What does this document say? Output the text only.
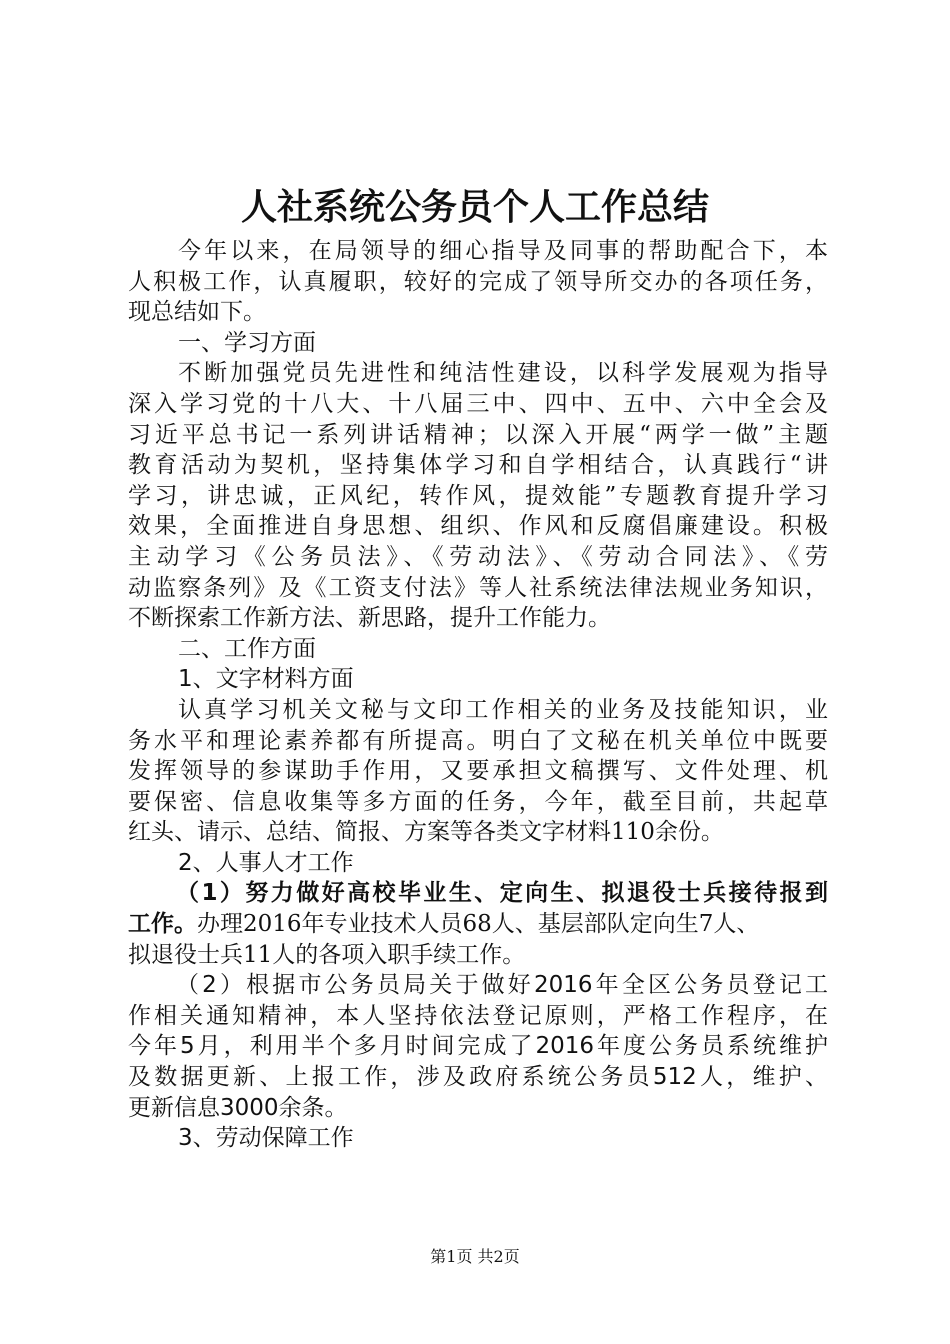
人社系统公务员个人工作总结
今年以来，在局领导的细心指导及同事的帮助配合下，本
人积极工作，认真履职，较好的完成了领导所交办的各项任务，
现总结如下。
一、学习方面
不断加强党员先进性和纯洁性建设，以科学发展观为指导
深入学习党的十八大、十八届三中、四中、五中、六中全会及
习近平总书记一系列讲话精神；以深入开展“两学一做”主题
教育活动为契机，坚持集体学习和自学相结合，认真践行“讲
学习，讲忠诚，正风纪，转作风，提效能”专题教育提升学习
效果，全面推进自身思想、组织、作风和反腐倡廉建设。积极
主动学习《公务员法》、《劳动法》、《劳动合同法》、《劳
动监察条列》及《工资支付法》等人社系统法律法规业务知识，
不断探索工作新方法、新思路，提升工作能力。
二、工作方面
1、文字材料方面
认真学习机关文秘与文印工作相关的业务及技能知识，业
务水平和理论素养都有所提高。明白了文秘在机关单位中既要
发挥领导的参谋助手作用，又要承担文稿撰写、文件处理、机
要保密、信息收集等多方面的任务，今年，截至目前，共起草
红头、请示、总结、简报、方案等各类文字材料110余份。
2、人事人才工作
（1）努力做好高校毕业生、定向生、拟退役士兵接待报到
工作。办理2016年专业技术人员68人、基层部队定向生7人、
拟退役士兵11人的各项入职手续工作。
（2）根据市公务员局关于做好2016年全区公务员登记工
作相关通知精神，本人坚持依法登记原则，严格工作程序，在
今年5月，利用半个多月时间完成了2016年度公务员系统维护
及数据更新、上报工作，涉及政府系统公务员512人，维护、
更新信息3000余条。
3、劳动保障工作
第1页 共2页
